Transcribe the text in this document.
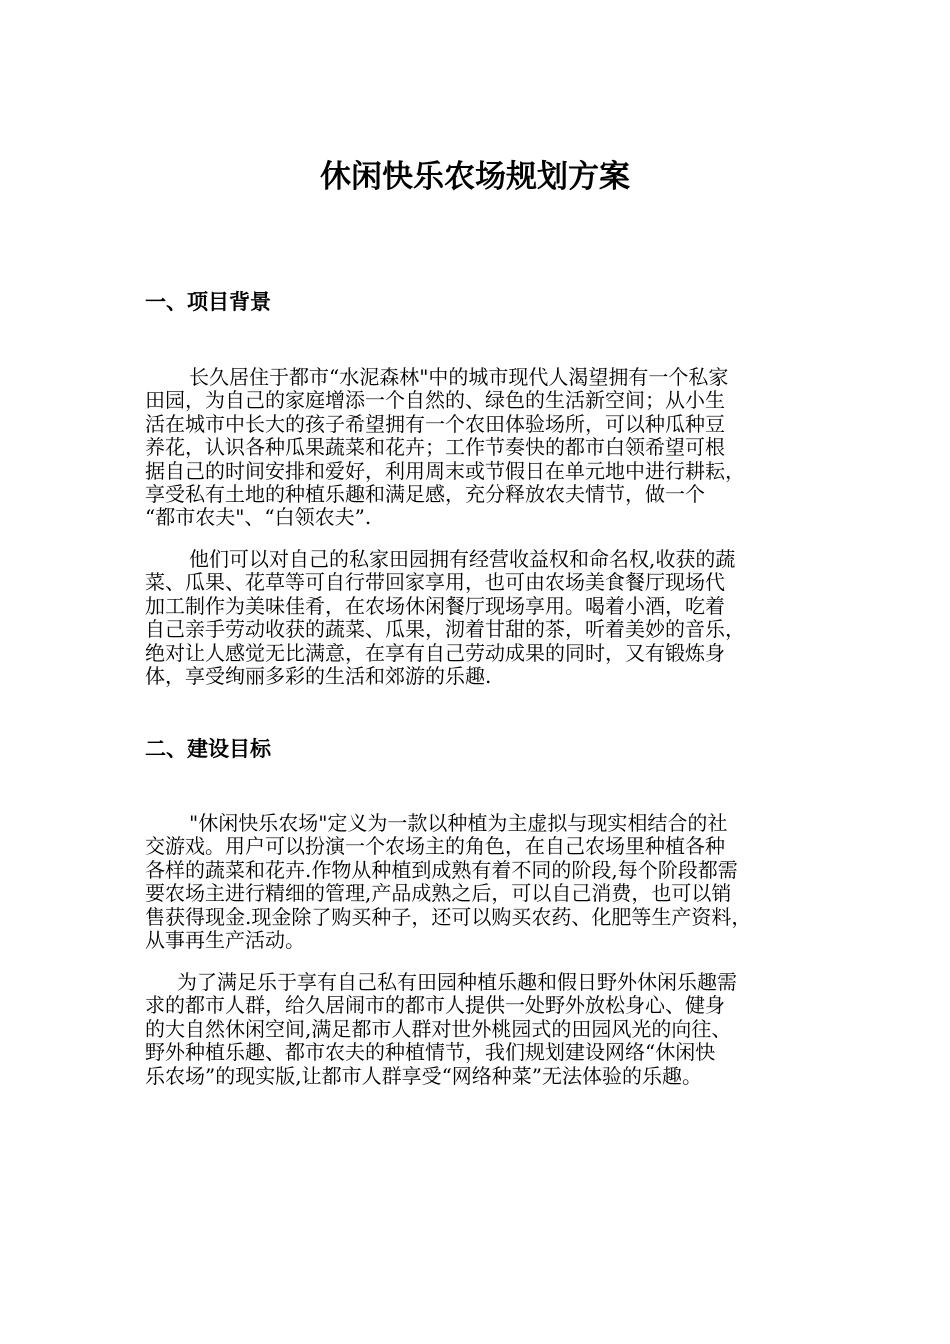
休闲快乐农场规划方案
一、项目背景

长久居住于都市“水泥森林"中的城市现代人渴望拥有一个私家
田园，为自己的家庭增添一个自然的、绿色的生活新空间；从小生
活在城市中长大的孩子希望拥有一个农田体验场所，可以种瓜种豆
养花，认识各种瓜果蔬菜和花卉；工作节奏快的都市白领希望可根
据自己的时间安排和爱好，利用周末或节假日在单元地中进行耕耘，
享受私有土地的种植乐趣和满足感，充分释放农夫情节，做一个
“都市农夫"、“白领农夫”.

他们可以对自己的私家田园拥有经营收益权和命名权,收获的蔬
菜、瓜果、花草等可自行带回家享用，也可由农场美食餐厅现场代
加工制作为美味佳肴，在农场休闲餐厅现场享用。喝着小酒，吃着
自己亲手劳动收获的蔬菜、瓜果，沏着甘甜的茶，听着美妙的音乐，
绝对让人感觉无比满意，在享有自己劳动成果的同时，又有锻炼身
体，享受绚丽多彩的生活和郊游的乐趣.

二、建设目标

"休闲快乐农场"定义为一款以种植为主虚拟与现实相结合的社
交游戏。用户可以扮演一个农场主的角色，在自己农场里种植各种
各样的蔬菜和花卉.作物从种植到成熟有着不同的阶段,每个阶段都需
要农场主进行精细的管理,产品成熟之后，可以自己消费，也可以销
售获得现金.现金除了购买种子，还可以购买农药、化肥等生产资料，
从事再生产活动。

为了满足乐于享有自己私有田园种植乐趣和假日野外休闲乐趣需
求的都市人群，给久居闹市的都市人提供一处野外放松身心、健身
的大自然休闲空间,满足都市人群对世外桃园式的田园风光的向往、
野外种植乐趣、都市农夫的种植情节，我们规划建设网络“休闲快
乐农场”的现实版,让都市人群享受“网络种菜”无法体验的乐趣。
